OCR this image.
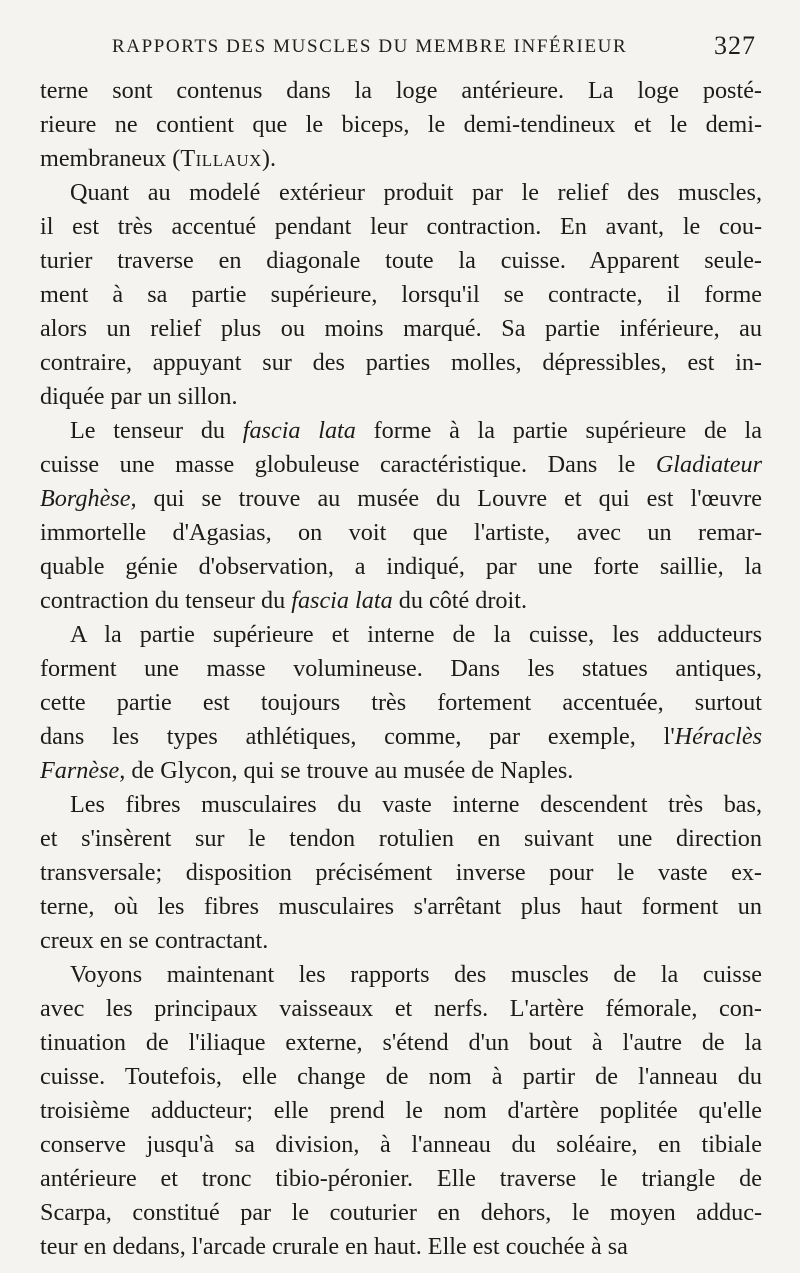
RAPPORTS DES MUSCLES DU MEMBRE INFÉRIEUR	327
terne sont contenus dans la loge antérieure. La loge posté-
rieure ne contient que le biceps, le demi-tendineux et le demi-
membraneux (Tillaux).
Quant au modelé extérieur produit par le relief des muscles,
il est très accentué pendant leur contraction. En avant, le cou-
turier traverse en diagonale toute la cuisse. Apparent seule-
ment à sa partie supérieure, lorsqu'il se contracte, il forme
alors un relief plus ou moins marqué. Sa partie inférieure, au
contraire, appuyant sur des parties molles, dépressibles, est in-
diquée par un sillon.
Le tenseur du fascia lata forme à la partie supérieure de la
cuisse une masse globuleuse caractéristique. Dans le Gladiateur
Borghèse, qui se trouve au musée du Louvre et qui est l'œuvre
immortelle d'Agasias, on voit que l'artiste, avec un remar-
quable génie d'observation, a indiqué, par une forte saillie, la
contraction du tenseur du fascia lata du côté droit.
A la partie supérieure et interne de la cuisse, les adducteurs
forment une masse volumineuse. Dans les statues antiques,
cette partie est toujours très fortement accentuée, surtout
dans les types athlétiques, comme, par exemple, l'Héraclès
Farnèse, de Glycon, qui se trouve au musée de Naples.
Les fibres musculaires du vaste interne descendent très bas,
et s'insèrent sur le tendon rotulien en suivant une direction
transversale; disposition précisément inverse pour le vaste ex-
terne, où les fibres musculaires s'arrêtant plus haut forment un
creux en se contractant.
Voyons maintenant les rapports des muscles de la cuisse
avec les principaux vaisseaux et nerfs. L'artère fémorale, con-
tinuation de l'iliaque externe, s'étend d'un bout à l'autre de la
cuisse. Toutefois, elle change de nom à partir de l'anneau du
troisième adducteur; elle prend le nom d'artère poplitée qu'elle
conserve jusqu'à sa division, à l'anneau du soléaire, en tibiale
antérieure et tronc tibio-péronier. Elle traverse le triangle de
Scarpa, constitué par le couturier en dehors, le moyen adduc-
teur en dedans, l'arcade crurale en haut. Elle est couchée à sa
